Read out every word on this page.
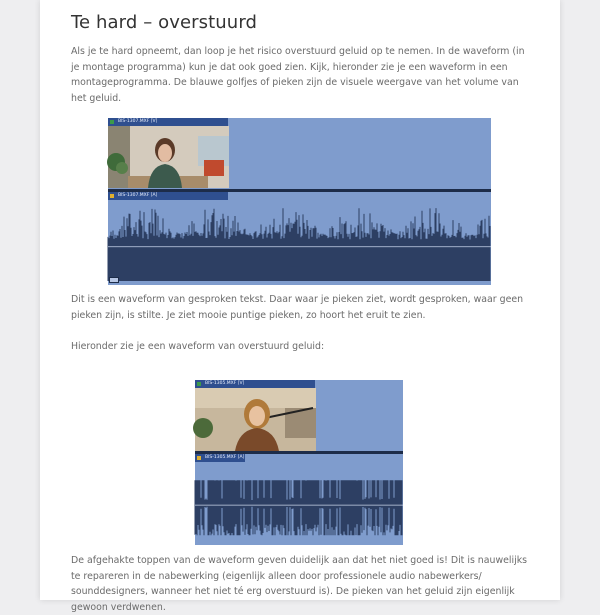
Te hard – overstuurd

Als je te hard opneemt, dan loop je het risico overstuurd geluid op te nemen. In de waveform (in je montage programma) kun je dat ook goed zien. Kijk, hieronder zie je een waveform in een montageprogramma. De blauwe golfjes of pieken zijn de visuele weergave van het volume van het geluid.

BIS-1307.MXF [V]
BIS-1307.MXF [A]

Dit is een waveform van gesproken tekst. Daar waar je pieken ziet, wordt gesproken, waar geen pieken zijn, is stilte. Je ziet mooie puntige pieken, zo hoort het eruit te zien.

Hieronder zie je een waveform van overstuurd geluid:

BIS-1305.MXF [V]
BIS-1305.MXF [A]

De afgehakte toppen van de waveform geven duidelijk aan dat het niet goed is! Dit is nauwelijks te repareren in de nabewerking (eigenlijk alleen door professionele audio nabewerkers/ sounddesigners, wanneer het niet té erg overstuurd is). De pieken van het geluid zijn eigenlijk gewoon verdwenen.
